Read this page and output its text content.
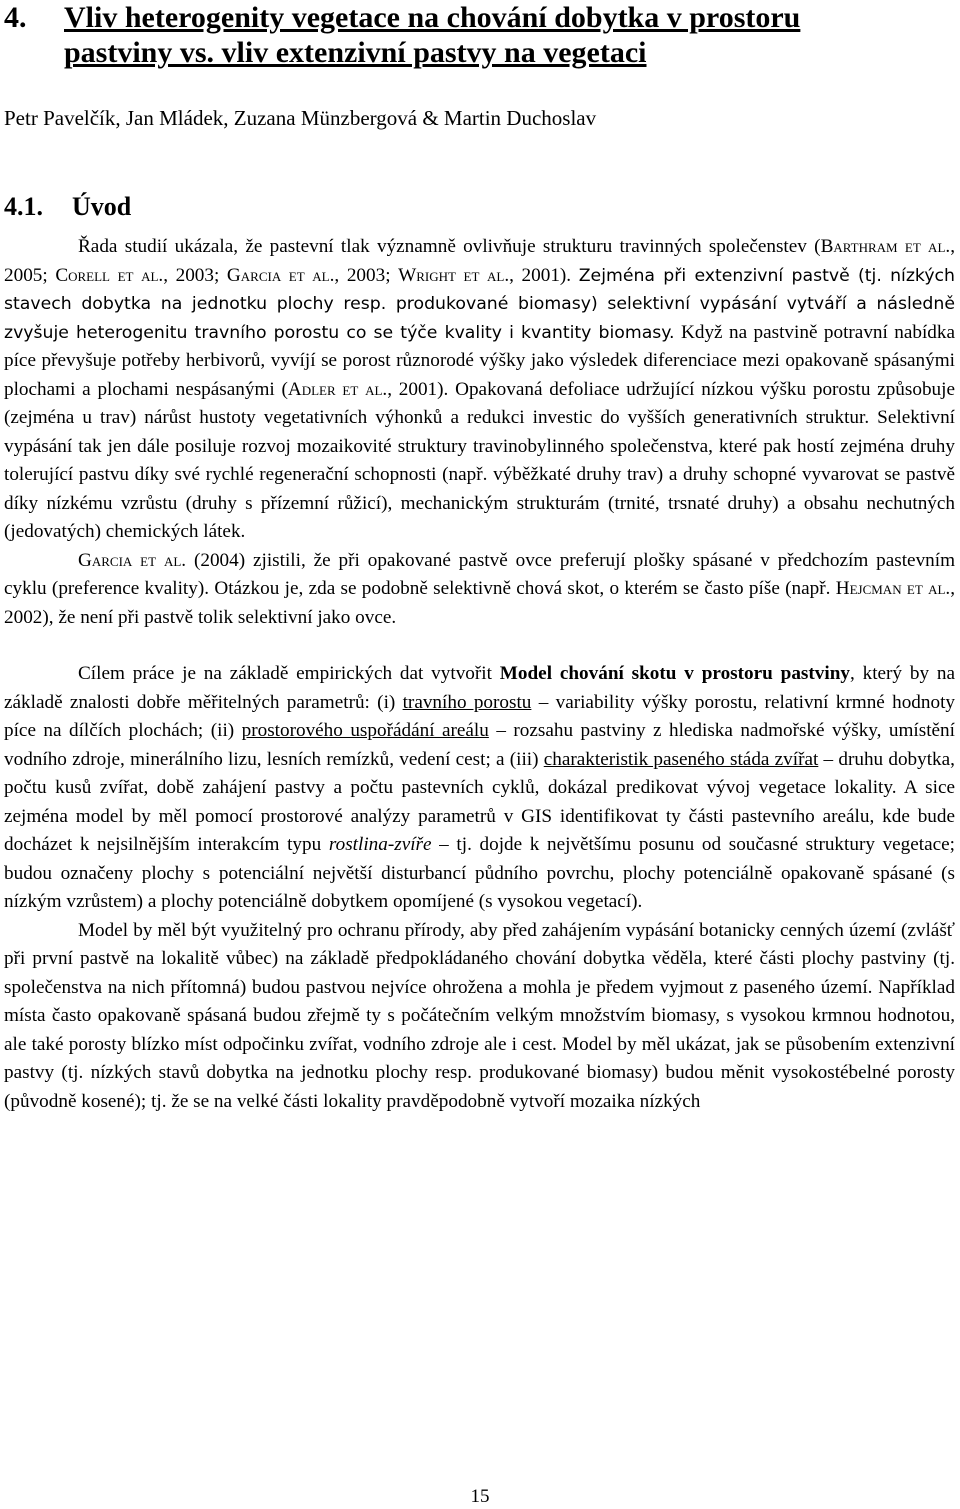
4. Vliv heterogenity vegetace na chování dobytka v prostoru
pastviny vs. vliv extenzivní pastvy na vegetaci

Petr Pavelčík, Jan Mládek, Zuzana Münzbergová & Martin Duchoslav

4.1. Úvod

Řada studií ukázala, že pastevní tlak významně ovlivňuje strukturu travinných společenstev (Barthram et al., 2005; Corell et al., 2003; Garcia et al., 2003; Wright et al., 2001). Zejména při extenzivní pastvě (tj. nízkých stavech dobytka na jednotku plochy resp. produkované biomasy) selektivní vypásání vytváří a následně zvyšuje heterogenitu travního porostu co se týče kvality i kvantity biomasy. Když na pastvině potravní nabídka píce převyšuje potřeby herbivorů, vyvíjí se porost různorodé výšky jako výsledek diferenciace mezi opakovaně spásanými plochami a plochami nespásanými (Adler et al., 2001). Opakovaná defoliace udržující nízkou výšku porostu způsobuje (zejména u trav) nárůst hustoty vegetativních výhonků a redukci investic do vyšších generativních struktur. Selektivní vypásání tak jen dále posiluje rozvoj mozaikovité struktury travinobylinného společenstva, které pak hostí zejména druhy tolerující pastvu díky své rychlé regenerační schopnosti (např. výběžkaté druhy trav) a druhy schopné vyvarovat se pastvě díky nízkému vzrůstu (druhy s přízemní růžicí), mechanickým strukturám (trnité, trsnaté druhy) a obsahu nechutných (jedovatých) chemických látek.

Garcia et al. (2004) zjistili, že při opakované pastvě ovce preferují plošky spásané v předchozím pastevním cyklu (preference kvality). Otázkou je, zda se podobně selektivně chová skot, o kterém se často píše (např. Hejcman et al., 2002), že není při pastvě tolik selektivní jako ovce.

Cílem práce je na základě empirických dat vytvořit Model chování skotu v prostoru pastviny, který by na základě znalosti dobře měřitelných parametrů: (i) travního porostu – variability výšky porostu, relativní krmné hodnoty píce na dílčích plochách; (ii) prostorového uspořádání areálu – rozsahu pastviny z hlediska nadmořské výšky, umístění vodního zdroje, minerálního lizu, lesních remízků, vedení cest; a (iii) charakteristik paseného stáda zvířat – druhu dobytka, počtu kusů zvířat, době zahájení pastvy a počtu pastevních cyklů, dokázal predikovat vývoj vegetace lokality. A sice zejména model by měl pomocí prostorové analýzy parametrů v GIS identifikovat ty části pastevního areálu, kde bude docházet k nejsilnějším interakcím typu rostlina-zvíře – tj. dojde k největšímu posunu od současné struktury vegetace; budou označeny plochy s potenciální největší disturbancí půdního povrchu, plochy potenciálně opakovaně spásané (s nízkým vzrůstem) a plochy potenciálně dobytkem opomíjené (s vysokou vegetací).

Model by měl být využitelný pro ochranu přírody, aby před zahájením vypásání botanicky cenných území (zvlášť při první pastvě na lokalitě vůbec) na základě předpokládaného chování dobytka věděla, které části plochy pastviny (tj. společenstva na nich přítomná) budou pastvou nejvíce ohrožena a mohla je předem vyjmout z paseného území. Například místa často opakovaně spásaná budou zřejmě ty s počátečním velkým množstvím biomasy, s vysokou krmnou hodnotou, ale také porosty blízko míst odpočinku zvířat, vodního zdroje ale i cest. Model by měl ukázat, jak se působením extenzivní pastvy (tj. nízkých stavů dobytka na jednotku plochy resp. produkované biomasy) budou měnit vysokostébelné porosty (původně kosené); tj. že se na velké části lokality pravděpodobně vytvoří mozaika nízkých

15
